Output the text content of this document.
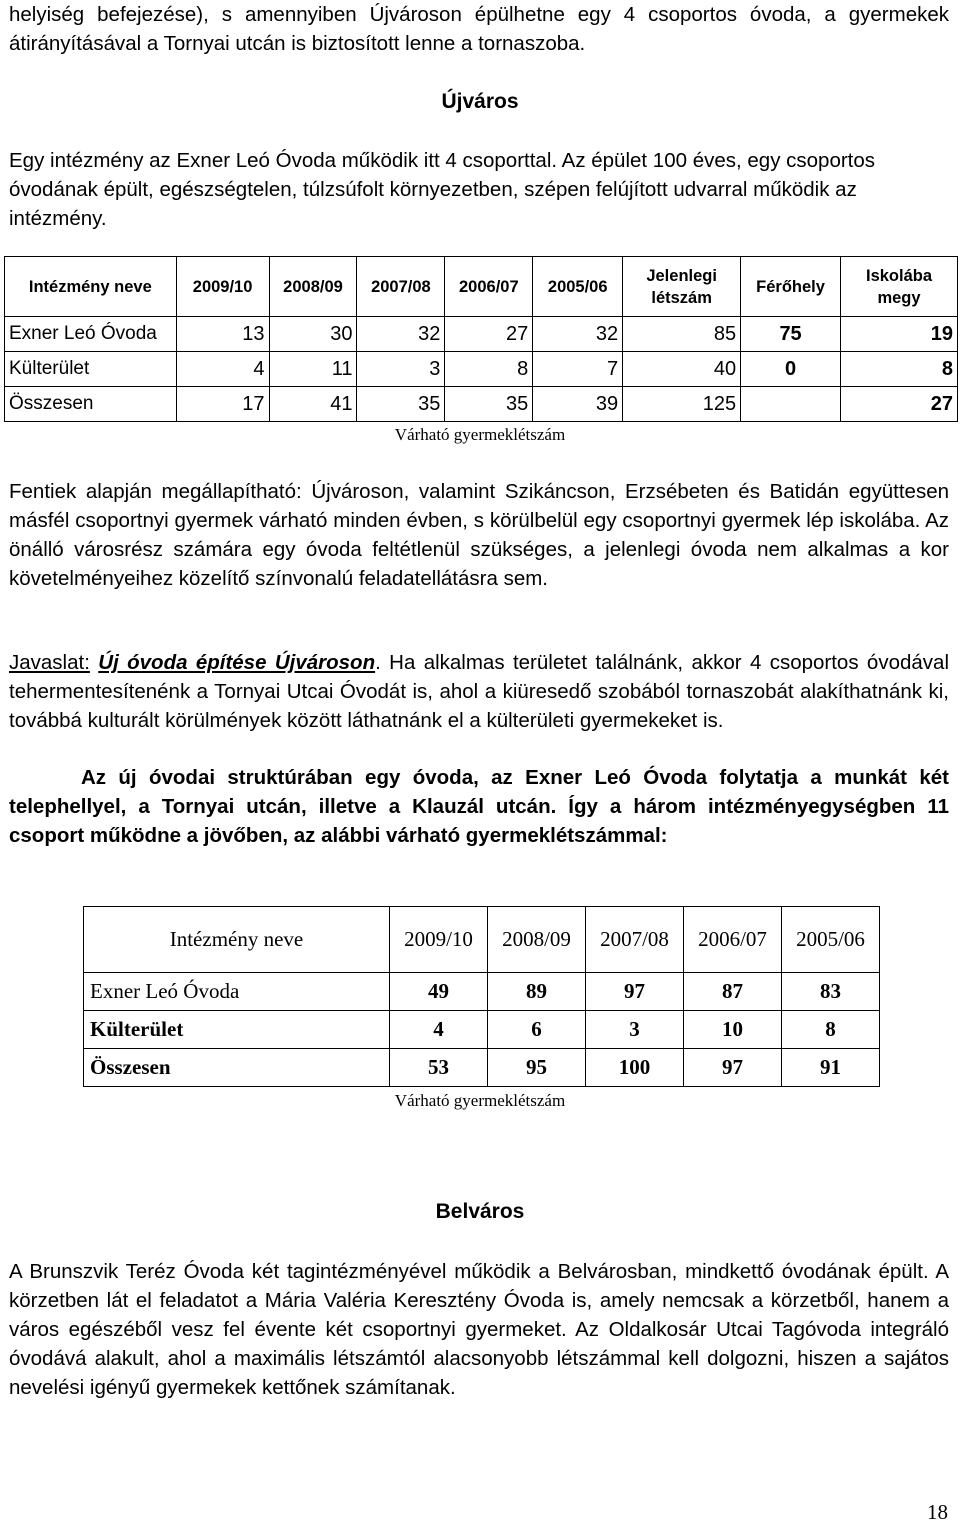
helyiség befejezése), s amennyiben Újvároson épülhetne egy 4 csoportos óvoda, a gyermekek átirányításával a Tornyai utcán is biztosított lenne a tornaszoba.

Újváros

Egy intézmény az Exner Leó Óvoda működik itt 4 csoporttal. Az épület 100 éves, egy csoportos óvodának épült, egészségtelen, túlzsúfolt környezetben, szépen felújított udvarral működik az intézmény.

Intézmény neve	2009/10	2008/09	2007/08	2006/07	2005/06	Jelenlegi létszám	Férőhely	Iskolába megy
Exner Leó Óvoda	13	30	32	27	32	85	75	19
Külterület	4	11	3	8	7	40	0	8
Összesen	17	41	35	35	39	125		27
Várható gyermeklétszám

Fentiek alapján megállapítható: Újvároson, valamint Szikáncson, Erzsébeten és Batidán együttesen másfél csoportnyi gyermek várható minden évben, s körülbelül egy csoportnyi gyermek lép iskolába. Az önálló városrész számára egy óvoda feltétlenül szükséges, a jelenlegi óvoda nem alkalmas a kor követelményeihez közelítő színvonalú feladatellátásra sem.

Javaslat: Új óvoda építése Újvároson. Ha alkalmas területet találnánk, akkor 4 csoportos óvodával tehermentesítenénk a Tornyai Utcai Óvodát is, ahol a kiüresedő szobából tornaszobát alakíthatnánk ki, továbbá kulturált körülmények között láthatnánk el a külterületi gyermekeket is.

Az új óvodai struktúrában egy óvoda, az Exner Leó Óvoda folytatja a munkát két telephellyel, a Tornyai utcán, illetve a Klauzál utcán. Így a három intézményegységben 11 csoport működne a jövőben, az alábbi várható gyermeklétszámmal:

Intézmény neve	2009/10	2008/09	2007/08	2006/07	2005/06
Exner Leó Óvoda	49	89	97	87	83
Külterület	4	6	3	10	8
Összesen	53	95	100	97	91
Várható gyermeklétszám
Belváros

A Brunszvik Teréz Óvoda két tagintézményével működik a Belvárosban, mindkettő óvodának épült. A körzetben lát el feladatot a Mária Valéria Keresztény Óvoda is, amely nemcsak a körzetből, hanem a város egészéből vesz fel évente két csoportnyi gyermeket. Az Oldalkosár Utcai Tagóvoda integráló óvodává alakult, ahol a maximális létszámtól alacsonyobb létszámmal kell dolgozni, hiszen a sajátos nevelési igényű gyermekek kettőnek számítanak.

18
